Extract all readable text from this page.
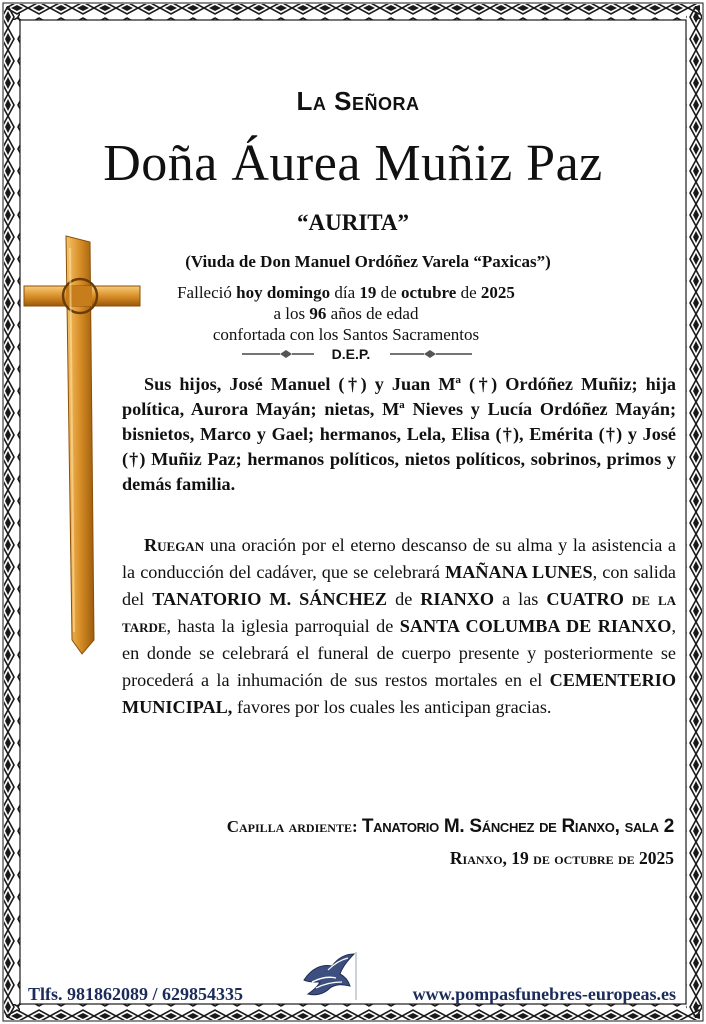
La Señora
Doña Áurea Muñiz Paz
“AURITA”
(Viuda de Don Manuel Ordóñez Varela “Paxicas”)
Falleció hoy domingo día 19 de octubre de 2025
a los 96 años de edad
confortada con los Santos Sacramentos
D.E.P.
Sus hijos, José Manuel (†) y Juan Mª (†) Ordóñez Muñiz; hija política, Aurora Mayán; nietas, Mª Nieves y Lucía Ordóñez Mayán; bisnietos, Marco y Gael; hermanos, Lela, Elisa (†), Emérita (†) y José (†) Muñiz Paz; hermanos políticos, nietos políticos, sobrinos, primos y demás familia.
Ruegan una oración por el eterno descanso de su alma y la asistencia a la conducción del cadáver, que se celebrará MAÑANA LUNES, con salida del TANATORIO M. SÁNCHEZ de RIANXO a las CUATRO de la tarde, hasta la iglesia parroquial de SANTA COLUMBA DE RIANXO, en donde se celebrará el funeral de cuerpo presente y posteriormente se procederá a la inhumación de sus restos mortales en el CEMENTERIO MUNICIPAL, favores por los cuales les anticipan gracias.
Capilla ardiente: Tanatorio M. Sánchez de Rianxo, sala 2
Rianxo, 19 de octubre de 2025
Tlfs. 981862089 / 629854335	www.pompasfunebres-europeas.es
